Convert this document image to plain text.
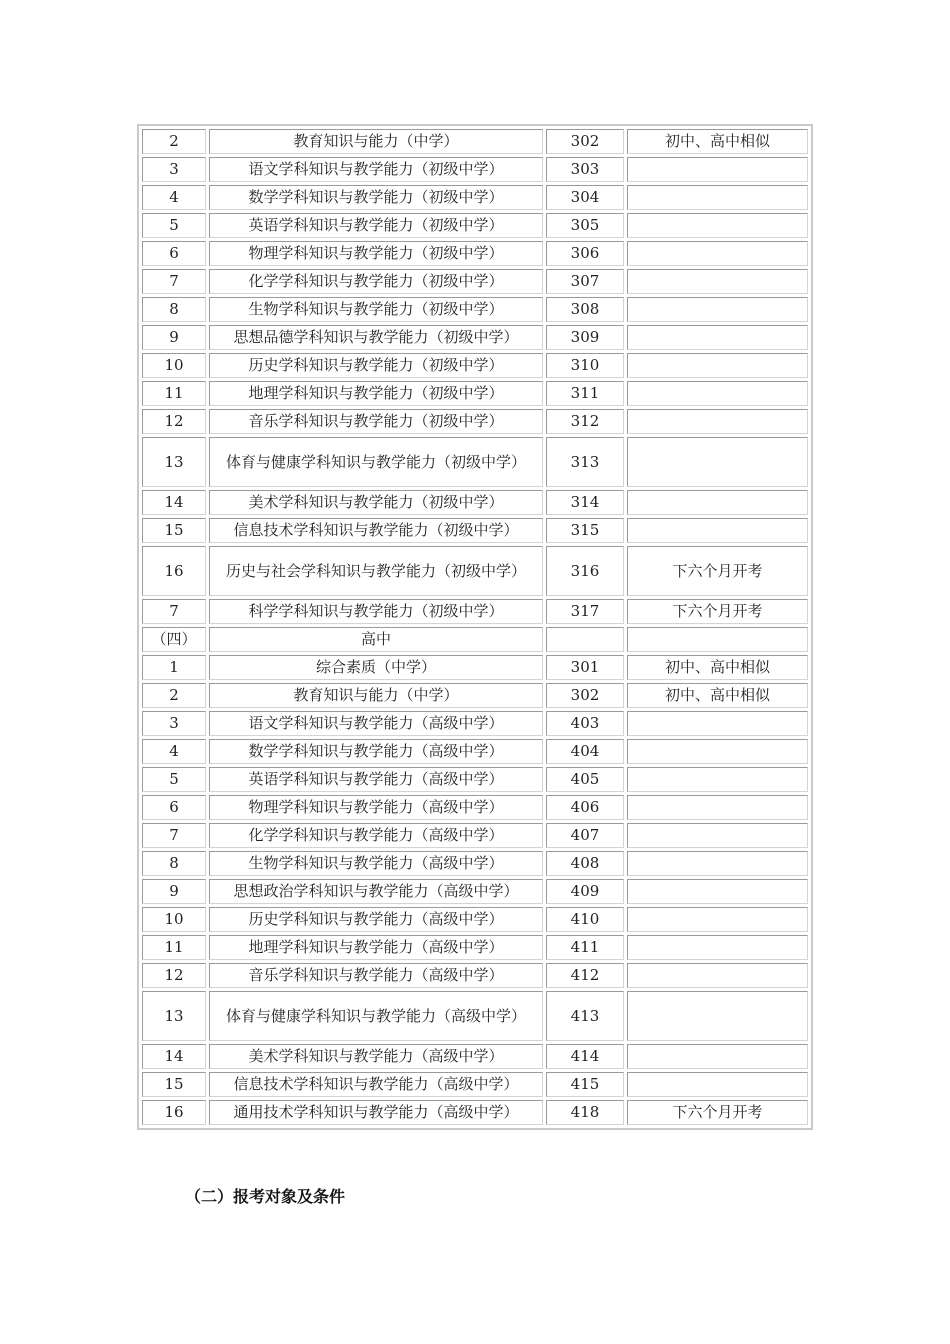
2	教育知识与能力（中学）	302	初中、高中相似
3	语文学科知识与教学能力（初级中学）	303	
4	数学学科知识与教学能力（初级中学）	304	
5	英语学科知识与教学能力（初级中学）	305	
6	物理学科知识与教学能力（初级中学）	306	
7	化学学科知识与教学能力（初级中学）	307	
8	生物学科知识与教学能力（初级中学）	308	
9	思想品德学科知识与教学能力（初级中学）	309	
10	历史学科知识与教学能力（初级中学）	310	
11	地理学科知识与教学能力（初级中学）	311	
12	音乐学科知识与教学能力（初级中学）	312	
13	体育与健康学科知识与教学能力（初级中学）	313	
14	美术学科知识与教学能力（初级中学）	314	
15	信息技术学科知识与教学能力（初级中学）	315	
16	历史与社会学科知识与教学能力（初级中学）	316	下六个月开考
7	科学学科知识与教学能力（初级中学）	317	下六个月开考
（四）	高中		
1	综合素质（中学）	301	初中、高中相似
2	教育知识与能力（中学）	302	初中、高中相似
3	语文学科知识与教学能力（高级中学）	403	
4	数学学科知识与教学能力（高级中学）	404	
5	英语学科知识与教学能力（高级中学）	405	
6	物理学科知识与教学能力（高级中学）	406	
7	化学学科知识与教学能力（高级中学）	407	
8	生物学科知识与教学能力（高级中学）	408	
9	思想政治学科知识与教学能力（高级中学）	409	
10	历史学科知识与教学能力（高级中学）	410	
11	地理学科知识与教学能力（高级中学）	411	
12	音乐学科知识与教学能力（高级中学）	412	
13	体育与健康学科知识与教学能力（高级中学）	413	
14	美术学科知识与教学能力（高级中学）	414	
15	信息技术学科知识与教学能力（高级中学）	415	
16	通用技术学科知识与教学能力（高级中学）	418	下六个月开考
（二）报考对象及条件
